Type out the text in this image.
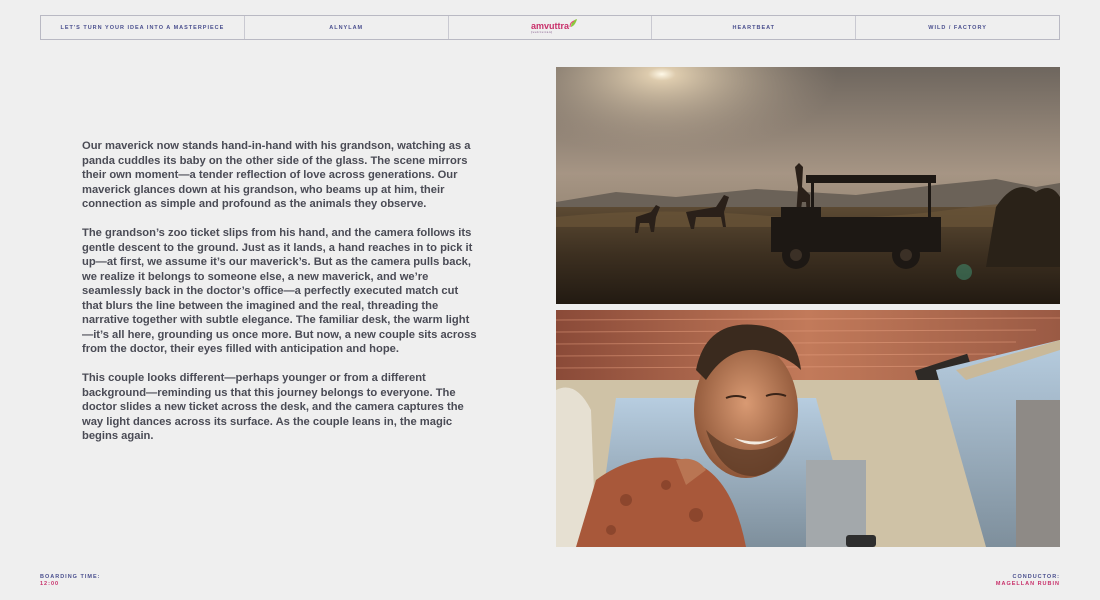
LET'S TURN YOUR IDEA INTO A MASTERPIECE	ALNYLAM	amvuttra
(vutrisiran)
HEARTBEAT	WILD / FACTORY

Our maverick now stands hand-in-hand with his grandson, watching as a panda cuddles its baby on the other side of the glass. The scene mirrors their own moment—a tender reflection of love across generations. Our maverick glances down at his grandson, who beams up at him, their connection as simple and profound as the animals they observe.

The grandson’s zoo ticket slips from his hand, and the camera follows its gentle descent to the ground. Just as it lands, a hand reaches in to pick it up—at first, we assume it’s our maverick’s. But as the camera pulls back, we realize it belongs to someone else, a new maverick, and we’re seamlessly back in the doctor’s office—a perfectly executed match cut that blurs the line between the imagined and the real, threading the narrative together with subtle elegance. The familiar desk, the warm light—it’s all here, grounding us once more. But now, a new couple sits across from the doctor, their eyes filled with anticipation and hope.

This couple looks different—perhaps younger or from a different background—reminding us that this journey belongs to everyone. The doctor slides a new ticket across the desk, and the camera captures the way light dances across its surface. As the couple leans in, the magic begins again.

BOARDING TIME:
12:00
CONDUCTOR:
MAGELLAN RUBIN
